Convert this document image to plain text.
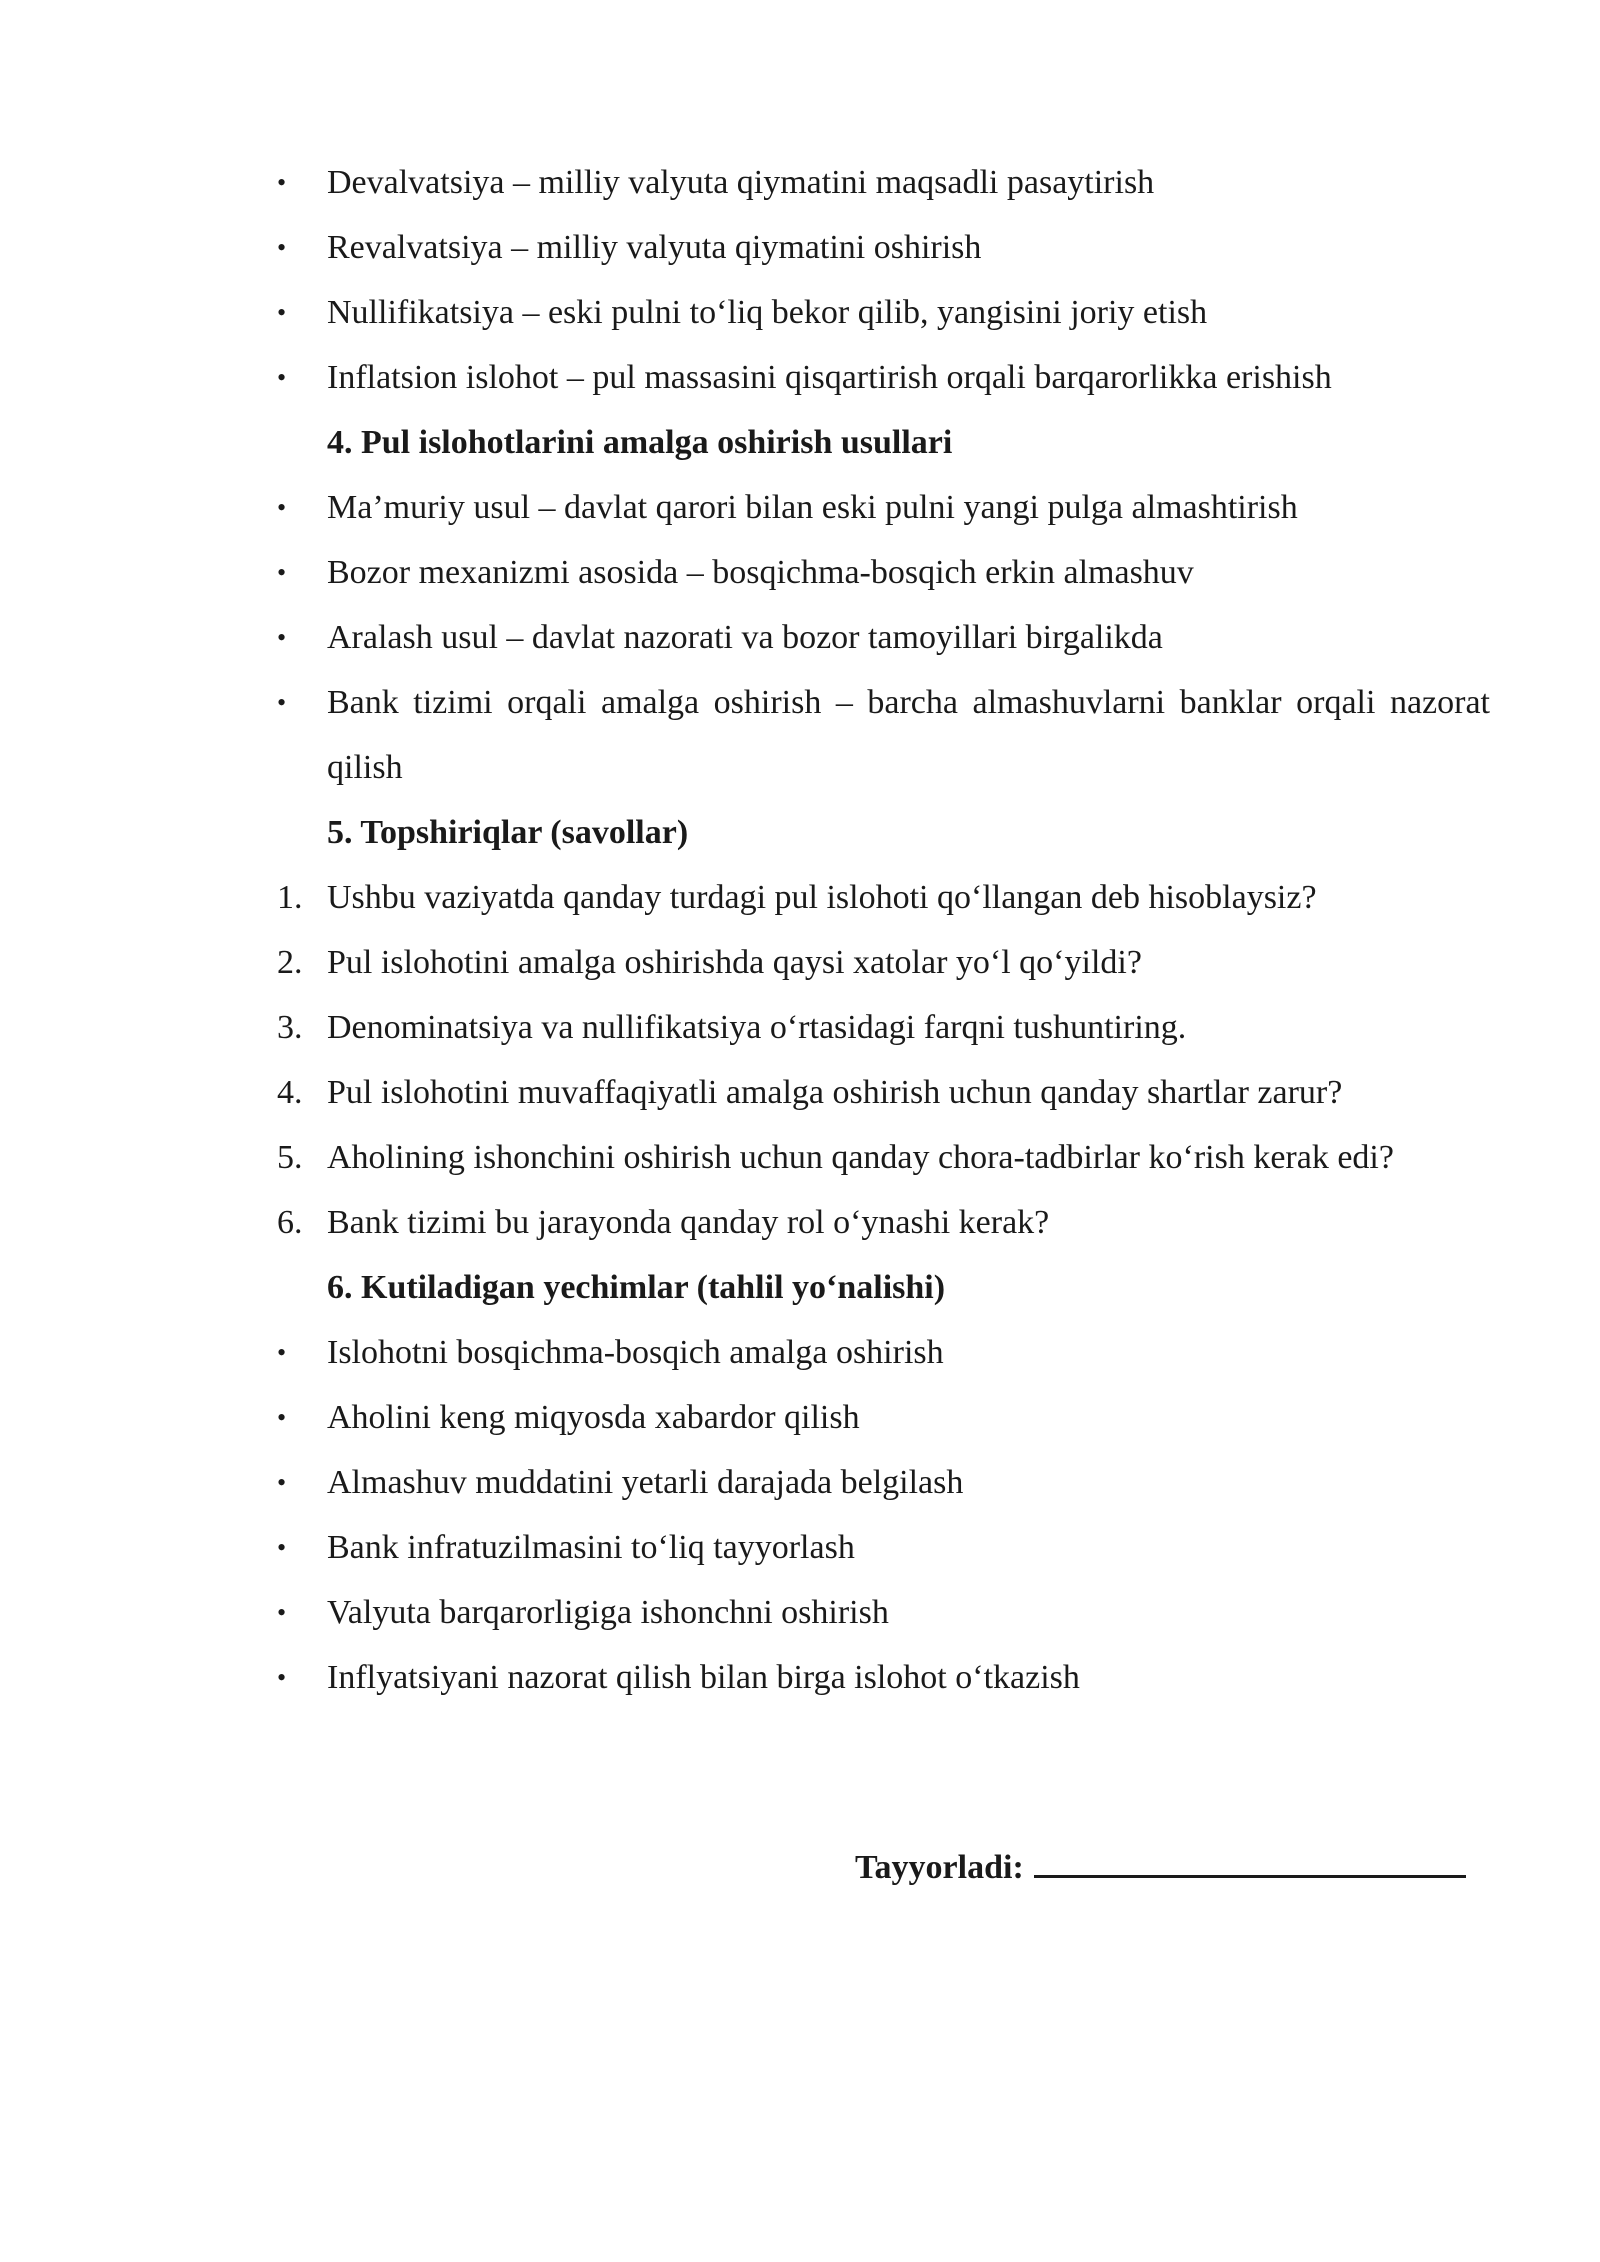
•	Devalvatsiya – milliy valyuta qiymatini maqsadli pasaytirish
•	Revalvatsiya – milliy valyuta qiymatini oshirish
•	Nullifikatsiya – eski pulni to‘liq bekor qilib, yangisini joriy etish
•	Inflatsion islohot – pul massasini qisqartirish orqali barqarorlikka erishish
4. Pul islohotlarini amalga oshirish usullari
•	Ma’muriy usul – davlat qarori bilan eski pulni yangi pulga almashtirish
•	Bozor mexanizmi asosida – bosqichma-bosqich erkin almashuv
•	Aralash usul – davlat nazorati va bozor tamoyillari birgalikda
•	Bank tizimi orqali amalga oshirish – barcha almashuvlarni banklar orqali nazorat qilish
5. Topshiriqlar (savollar)
1. Ushbu vaziyatda qanday turdagi pul islohoti qo‘llangan deb hisoblaysiz?
2. Pul islohotini amalga oshirishda qaysi xatolar yo‘l qo‘yildi?
3. Denominatsiya va nullifikatsiya o‘rtasidagi farqni tushuntiring.
4. Pul islohotini muvaffaqiyatli amalga oshirish uchun qanday shartlar zarur?
5. Aholining ishonchini oshirish uchun qanday chora-tadbirlar ko‘rish kerak edi?
6. Bank tizimi bu jarayonda qanday rol o‘ynashi kerak?
6. Kutiladigan yechimlar (tahlil yo‘nalishi)
•	Islohotni bosqichma-bosqich amalga oshirish
•	Aholini keng miqyosda xabardor qilish
•	Almashuv muddatini yetarli darajada belgilash
•	Bank infratuzilmasini to‘liq tayyorlash
•	Valyuta barqarorligiga ishonchni oshirish
•	Inflyatsiyani nazorat qilish bilan birga islohot o‘tkazish
Tayyorladi:
